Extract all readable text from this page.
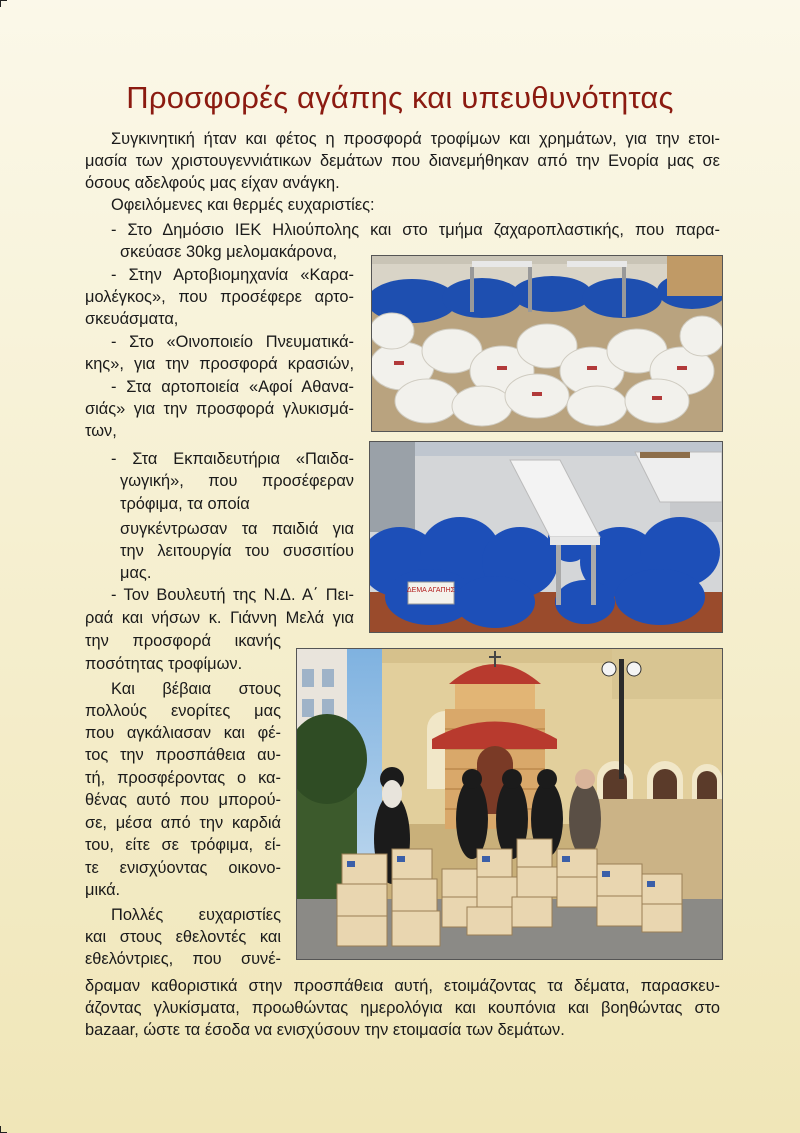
Προσφορές αγάπης και υπευθυνότητας
Συγκινητική ήταν και φέτος η προσφορά τροφίμων και χρημάτων, για την ετοι-
μασία των χριστουγεννιάτικων δεμάτων που διανεμήθηκαν από την Ενορία μας σε
όσους αδελφούς μας είχαν ανάγκη.
Οφειλόμενες και θερμές ευχαριστίες:
- Στο Δημόσιο ΙΕΚ Ηλιούπολης και στο τμήμα ζαχαροπλαστικής, που παρα-
σκεύασε 30kg μελομακάρονα,
- Στην Αρτοβιομηχανία «Καρα-
μολέγκος», που προσέφερε αρτο-
σκευάσματα,
- Στο «Οινοποιείο Πνευματικά-
κης», για την προσφορά κρασιών,
- Στα αρτοποιεία «Αφοί Αθανα-
σιάς» για την προσφορά γλυκισμά-
των,
- Στα Εκπαιδευτήρια «Παιδα-
γωγική», που προσέφεραν
τρόφιμα, τα οποία
συγκέντρωσαν τα παιδιά για
την λειτουργία του συσσιτίου
μας.
- Τον Βουλευτή της Ν.Δ. Α΄ Πει-
ραά και νήσων κ. Γιάννη Μελά για
την προσφορά ικανής
ποσότητας τροφίμων.
Και βέβαια στους
πολλούς ενορίτες μας
που αγκάλιασαν και φέ-
τος την προσπάθεια αυ-
τή, προσφέροντας ο κα-
θένας αυτό που μπορού-
σε, μέσα από την καρδιά
του, είτε σε τρόφιμα, εί-
τε ενισχύοντας οικονο-
μικά.
Πολλές ευχαριστίες
και στους εθελοντές και
εθελόντριες, που συνέ-
δραμαν καθοριστικά στην προσπάθεια αυτή, ετοιμάζοντας τα δέματα, παρασκευ-
άζοντας γλυκίσματα, προωθώντας ημερολόγια και κουπόνια και βοηθώντας στο
bazaar, ώστε τα έσοδα να ενισχύσουν την ετοιμασία των δεμάτων.
ΔΕΜΑ ΑΓΑΠΗΣ
